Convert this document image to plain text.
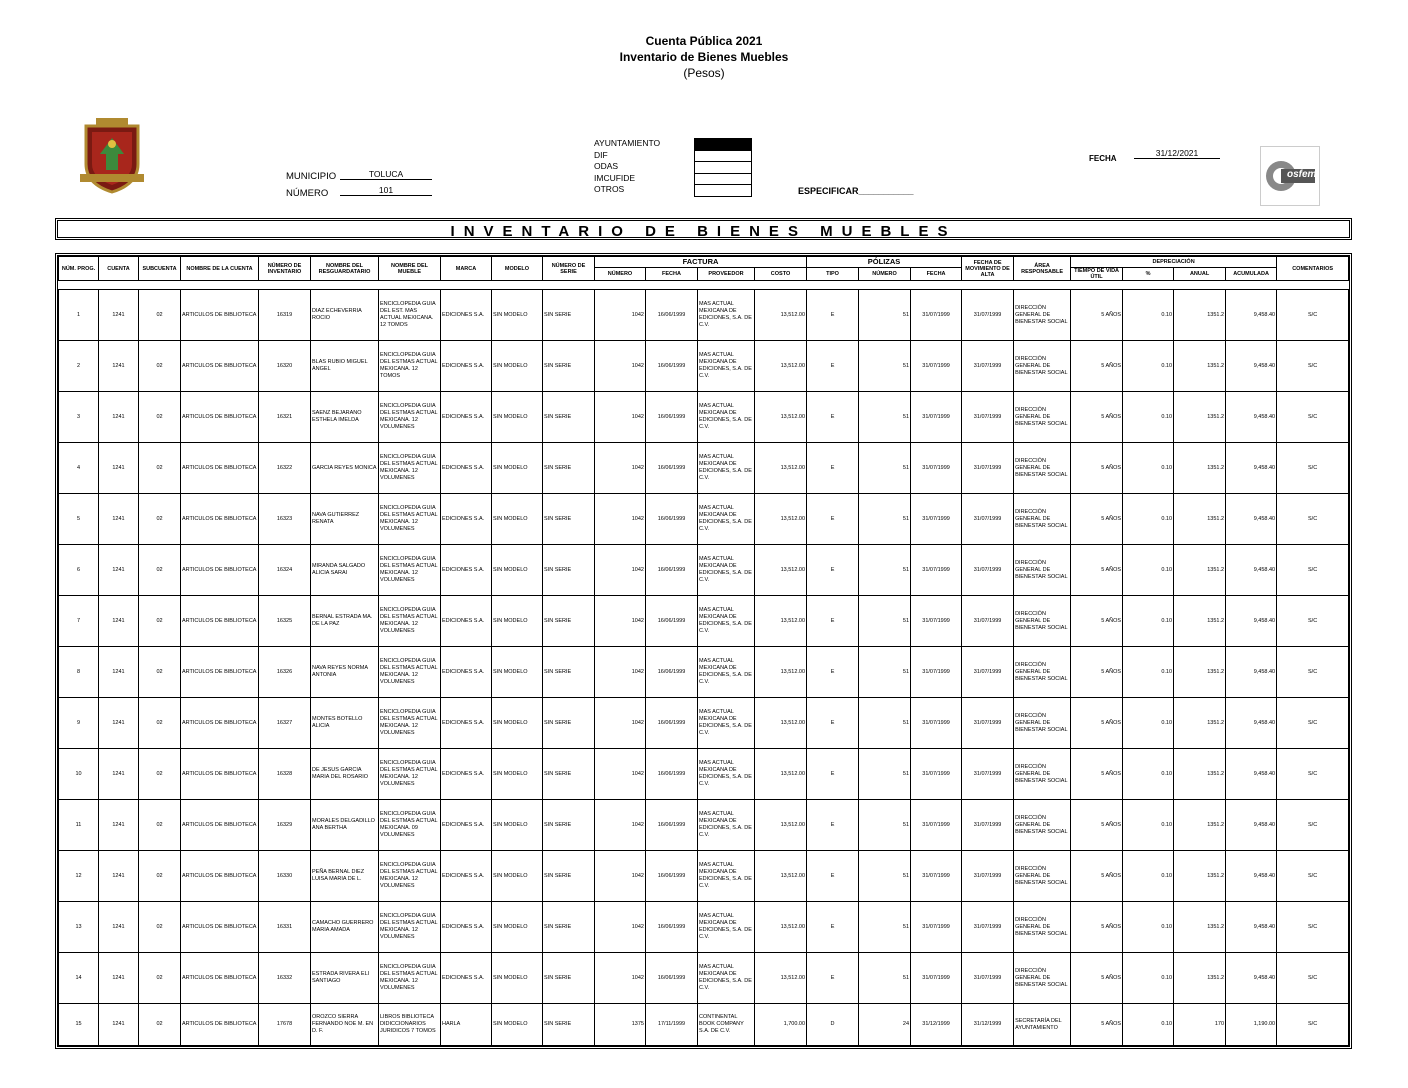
Cuenta Pública 2021
Inventario de Bienes Muebles
(Pesos)
MUNICIPIO	TOLUCA
NÚMERO	101
AYUNTAMIENTO
DIF
ODAS
IMCUFIDE
OTROS	ESPECIFICAR___________
FECHA
31/12/2021
osfem
INVENTARIO DE BIENES MUEBLES
NÚM. PROG.	CUENTA	SUBCUENTA	NOMBRE DE LA CUENTA	NÚMERO DE INVENTARIO	NOMBRE DEL RESGUARDATARIO	NOMBRE DEL MUEBLE	MARCA	MODELO	NÚMERO DE SERIE	FACTURA				PÓLIZAS			FECHA DE MOVIMIENTO DE ALTA	ÁREA RESPONSABLE	DEPRECIACIÓN				COMENTARIOS
										NÚMERO	FECHA	PROVEEDOR	COSTO	TIPO	NÚMERO	FECHA			TIEMPO DE VIDA ÚTIL	%	ANUAL	ACUMULADA	

1	1241	02	ARTICULOS DE BIBLIOTECA	16319	DIAZ ECHEVERRIA ROCIO	ENCICLOPEDIA GUIA DEL EST. MAS ACTUAL MEXICANA. 12 TOMOS	EDICIONES S.A.	SIN MODELO	SIN SERIE	1042	16/06/1999	MAS ACTUAL MEXICANA DE EDICIONES, S.A. DE C.V.	13,512.00	E	51	31/07/1999	31/07/1999	DIRECCIÓN GENERAL DE BIENESTAR SOCIAL	5 AÑOS	0.10	1351.2	9,458.40	S/C
2	1241	02	ARTICULOS DE BIBLIOTECA	16320	BLAS RUBIO MIGUEL ANGEL	ENCICLOPEDIA GUIA DEL ESTMAS ACTUAL MEXICANA. 12 TOMOS	EDICIONES S.A.	SIN MODELO	SIN SERIE	1042	16/06/1999	MAS ACTUAL MEXICANA DE EDICIONES, S.A. DE C.V.	13,512.00	E	51	31/07/1999	31/07/1999	DIRECCIÓN GENERAL DE BIENESTAR SOCIAL	5 AÑOS	0.10	1351.2	9,458.40	S/C
3	1241	02	ARTICULOS DE BIBLIOTECA	16321	SAENZ BEJARANO ESTHELA IMELDA	ENCICLOPEDIA GUIA DEL ESTMAS ACTUAL MEXICANA. 12 VOLUMENES	EDICIONES S.A.	SIN MODELO	SIN SERIE	1042	16/06/1999	MAS ACTUAL MEXICANA DE EDICIONES, S.A. DE C.V.	13,512.00	E	51	31/07/1999	31/07/1999	DIRECCIÓN GENERAL DE BIENESTAR SOCIAL	5 AÑOS	0.10	1351.2	9,458.40	S/C
4	1241	02	ARTICULOS DE BIBLIOTECA	16322	GARCIA REYES MONICA	ENCICLOPEDIA GUIA DEL ESTMAS ACTUAL MEXICANA. 12 VOLUMENES	EDICIONES S.A.	SIN MODELO	SIN SERIE	1042	16/06/1999	MAS ACTUAL MEXICANA DE EDICIONES, S.A. DE C.V.	13,512.00	E	51	31/07/1999	31/07/1999	DIRECCIÓN GENERAL DE BIENESTAR SOCIAL	5 AÑOS	0.10	1351.2	9,458.40	S/C
5	1241	02	ARTICULOS DE BIBLIOTECA	16323	NAVA GUTIERREZ RENATA	ENCICLOPEDIA GUIA DEL ESTMAS ACTUAL MEXICANA. 12 VOLUMENES	EDICIONES S.A.	SIN MODELO	SIN SERIE	1042	16/06/1999	MAS ACTUAL MEXICANA DE EDICIONES, S.A. DE C.V.	13,512.00	E	51	31/07/1999	31/07/1999	DIRECCIÓN GENERAL DE BIENESTAR SOCIAL	5 AÑOS	0.10	1351.2	9,458.40	S/C
6	1241	02	ARTICULOS DE BIBLIOTECA	16324	MIRANDA SALGADO ALICIA SARAI	ENCICLOPEDIA GUIA DEL ESTMAS ACTUAL MEXICANA. 12 VOLUMENES	EDICIONES S.A.	SIN MODELO	SIN SERIE	1042	16/06/1999	MAS ACTUAL MEXICANA DE EDICIONES, S.A. DE C.V.	13,512.00	E	51	31/07/1999	31/07/1999	DIRECCIÓN GENERAL DE BIENESTAR SOCIAL	5 AÑOS	0.10	1351.2	9,458.40	S/C
7	1241	02	ARTICULOS DE BIBLIOTECA	16325	BERNAL ESTRADA MA. DE LA PAZ	ENCICLOPEDIA GUIA DEL ESTMAS ACTUAL MEXICANA. 12 VOLUMENES	EDICIONES S.A.	SIN MODELO	SIN SERIE	1042	16/06/1999	MAS ACTUAL MEXICANA DE EDICIONES, S.A. DE C.V.	13,512.00	E	51	31/07/1999	31/07/1999	DIRECCIÓN GENERAL DE BIENESTAR SOCIAL	5 AÑOS	0.10	1351.2	9,458.40	S/C
8	1241	02	ARTICULOS DE BIBLIOTECA	16326	NAVA REYES NORMA ANTONIA	ENCICLOPEDIA GUIA DEL ESTMAS ACTUAL MEXICANA. 12 VOLUMENES	EDICIONES S.A.	SIN MODELO	SIN SERIE	1042	16/06/1999	MAS ACTUAL MEXICANA DE EDICIONES, S.A. DE C.V.	13,512.00	E	51	31/07/1999	31/07/1999	DIRECCIÓN GENERAL DE BIENESTAR SOCIAL	5 AÑOS	0.10	1351.2	9,458.40	S/C
9	1241	02	ARTICULOS DE BIBLIOTECA	16327	MONTES BOTELLO ALICIA	ENCICLOPEDIA GUIA DEL ESTMAS ACTUAL MEXICANA. 12 VOLUMENES	EDICIONES S.A.	SIN MODELO	SIN SERIE	1042	16/06/1999	MAS ACTUAL MEXICANA DE EDICIONES, S.A. DE C.V.	13,512.00	E	51	31/07/1999	31/07/1999	DIRECCIÓN GENERAL DE BIENESTAR SOCIAL	5 AÑOS	0.10	1351.2	9,458.40	S/C
10	1241	02	ARTICULOS DE BIBLIOTECA	16328	DE JESUS GARCIA MARIA DEL ROSARIO	ENCICLOPEDIA GUIA DEL ESTMAS ACTUAL MEXICANA. 12 VOLUMENES	EDICIONES S.A.	SIN MODELO	SIN SERIE	1042	16/06/1999	MAS ACTUAL MEXICANA DE EDICIONES, S.A. DE C.V.	13,512.00	E	51	31/07/1999	31/07/1999	DIRECCIÓN GENERAL DE BIENESTAR SOCIAL	5 AÑOS	0.10	1351.2	9,458.40	S/C
11	1241	02	ARTICULOS DE BIBLIOTECA	16329	MORALES DELGADILLO ANA BERTHA	ENCICLOPEDIA GUIA DEL ESTMAS ACTUAL MEXICANA. 09 VOLUMENES	EDICIONES S.A.	SIN MODELO	SIN SERIE	1042	16/06/1999	MAS ACTUAL MEXICANA DE EDICIONES, S.A. DE C.V.	13,512.00	E	51	31/07/1999	31/07/1999	DIRECCIÓN GENERAL DE BIENESTAR SOCIAL	5 AÑOS	0.10	1351.2	9,458.40	S/C
12	1241	02	ARTICULOS DE BIBLIOTECA	16330	PEÑA BERNAL DIEZ LUISA MARIA DE L.	ENCICLOPEDIA GUIA DEL ESTMAS ACTUAL MEXICANA. 12 VOLUMENES	EDICIONES S.A.	SIN MODELO	SIN SERIE	1042	16/06/1999	MAS ACTUAL MEXICANA DE EDICIONES, S.A. DE C.V.	13,512.00	E	51	31/07/1999	31/07/1999	DIRECCIÓN GENERAL DE BIENESTAR SOCIAL	5 AÑOS	0.10	1351.2	9,458.40	S/C
13	1241	02	ARTICULOS DE BIBLIOTECA	16331	CAMACHO GUERRERO MARIA AMADA	ENCICLOPEDIA GUIA DEL ESTMAS ACTUAL MEXICANA. 12 VOLUMENES	EDICIONES S.A.	SIN MODELO	SIN SERIE	1042	16/06/1999	MAS ACTUAL MEXICANA DE EDICIONES, S.A. DE C.V.	13,512.00	E	51	31/07/1999	31/07/1999	DIRECCIÓN GENERAL DE BIENESTAR SOCIAL	5 AÑOS	0.10	1351.2	9,458.40	S/C
14	1241	02	ARTICULOS DE BIBLIOTECA	16332	ESTRADA RIVERA ELI SANTIAGO	ENCICLOPEDIA GUIA DEL ESTMAS ACTUAL MEXICANA. 12 VOLUMENES	EDICIONES S.A.	SIN MODELO	SIN SERIE	1042	16/06/1999	MAS ACTUAL MEXICANA DE EDICIONES, S.A. DE C.V.	13,512.00	E	51	31/07/1999	31/07/1999	DIRECCIÓN GENERAL DE BIENESTAR SOCIAL	5 AÑOS	0.10	1351.2	9,458.40	S/C
15	1241	02	ARTICULOS DE BIBLIOTECA	17678	OROZCO SIERRA FERNANDO NOE M. EN D. F.	LIBROS BIBLIOTECA DIDICCIONARIOS JURIDICOS 7 TOMOS	HARLA	SIN MODELO	SIN SERIE	1375	17/11/1999	CONTINENTAL BOOK COMPANY S.A. DE C.V.	1,700.00	D	24	31/12/1999	31/12/1999	SECRETARÍA DEL AYUNTAMIENTO	5 AÑOS	0.10	170	1,190.00	S/C
